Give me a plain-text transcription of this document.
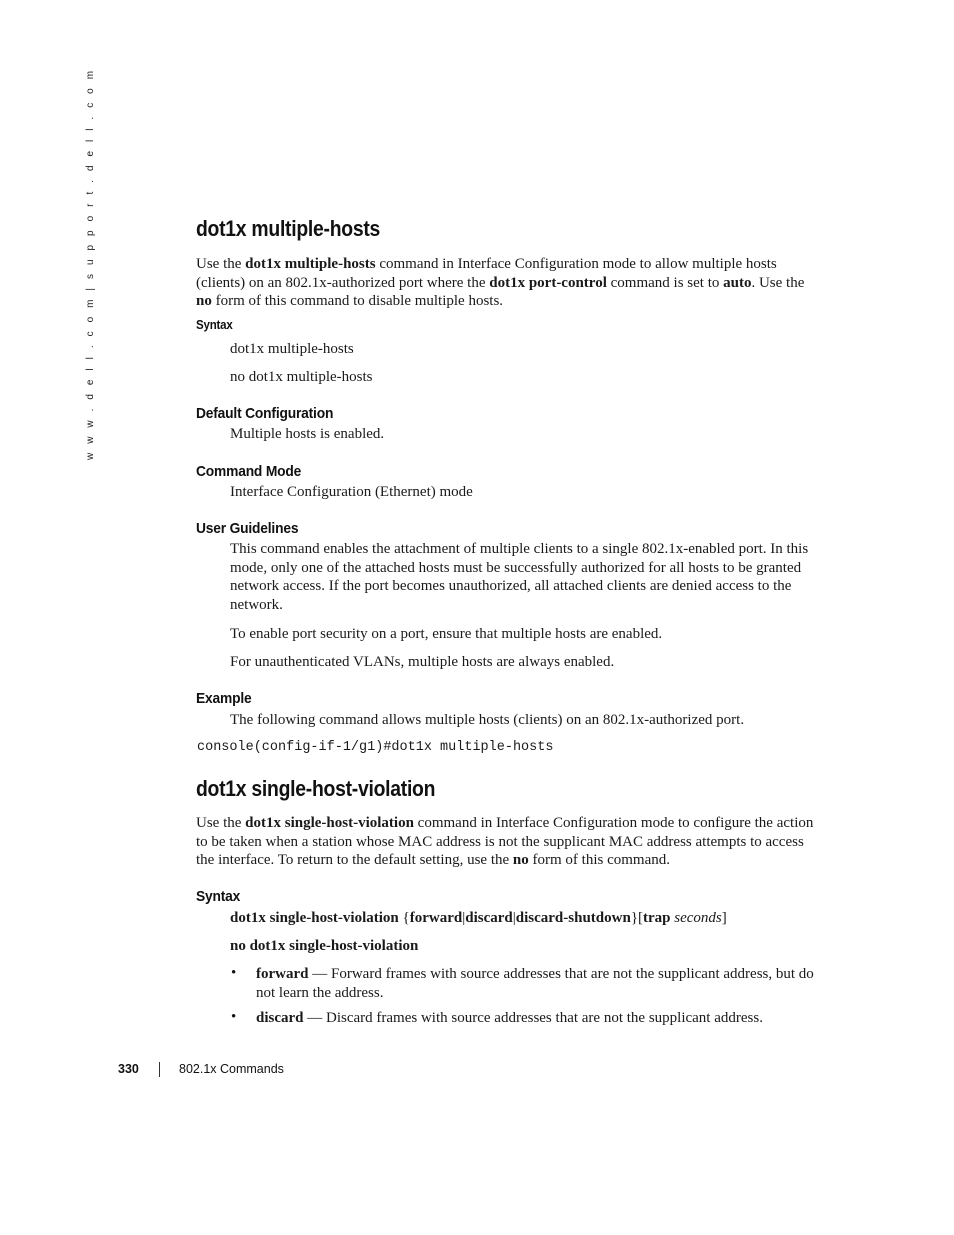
w w w . d e l l . c o m | s u p p o r t . d e l l . c o m	dot1x multiple-hosts

Use the dot1x multiple-hosts command in Interface Configuration mode to allow multiple hosts (clients) on an 802.1x-authorized port where the dot1x port-control command is set to auto. Use the no form of this command to disable multiple hosts.

Syntax

dot1x multiple-hosts

no dot1x multiple-hosts

Default Configuration

Multiple hosts is enabled.

Command Mode

Interface Configuration (Ethernet) mode

User Guidelines

This command enables the attachment of multiple clients to a single 802.1x-enabled port. In this mode, only one of the attached hosts must be successfully authorized for all hosts to be granted network access. If the port becomes unauthorized, all attached clients are denied access to the network.

To enable port security on a port, ensure that multiple hosts are enabled.

For unauthenticated VLANs, multiple hosts are always enabled.

Example

The following command allows multiple hosts (clients) on an 802.1x-authorized port.

console(config-if-1/g1)#dot1x multiple-hosts

dot1x single-host-violation

Use the dot1x single-host-violation command in Interface Configuration mode to configure the action to be taken when a station whose MAC address is not the supplicant MAC address attempts to access the interface. To return to the default setting, use the no form of this command.

Syntax

dot1x single-host-violation {forward|discard|discard-shutdown}[trap seconds]

no dot1x single-host-violation

• forward — Forward frames with source addresses that are not the supplicant address, but do not learn the address.

• discard — Discard frames with source addresses that are not the supplicant address.

330	802.1x Commands
